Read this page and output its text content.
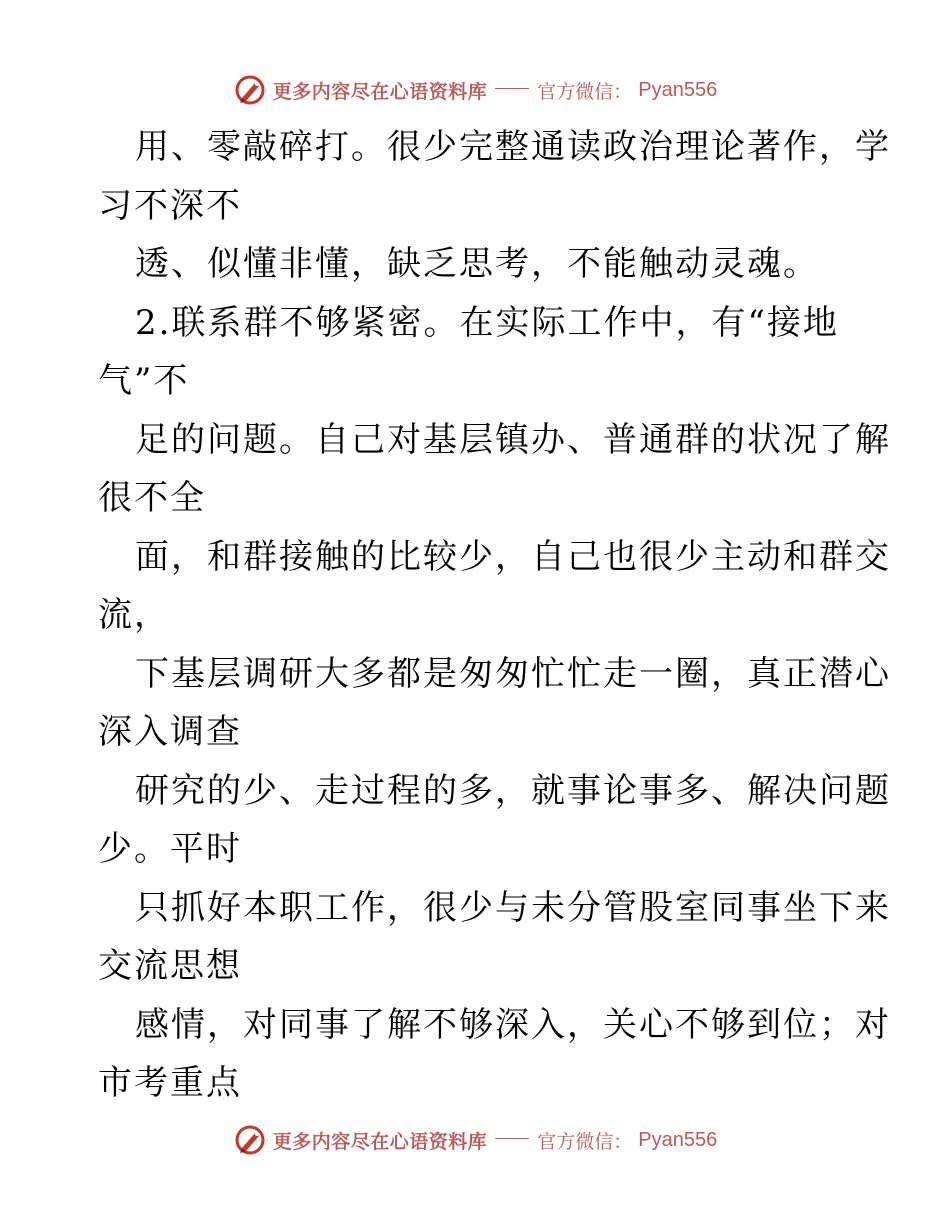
更多内容尽在心语资料库	官方微信： Pyan556
用、零敲碎打。很少完整通读政治理论著作，学
习不深不
透、似懂非懂，缺乏思考，不能触动灵魂。
2.联系群不够紧密。在实际工作中，有“接地
气”不
足的问题。自己对基层镇办、普通群的状况了解
很不全
面，和群接触的比较少，自己也很少主动和群交
流，
下基层调研大多都是匆匆忙忙走一圈，真正潜心
深入调查
研究的少、走过程的多，就事论事多、解决问题
少。平时
只抓好本职工作，很少与未分管股室同事坐下来
交流思想
感情，对同事了解不够深入，关心不够到位；对
市考重点
更多内容尽在心语资料库	官方微信： Pyan556
